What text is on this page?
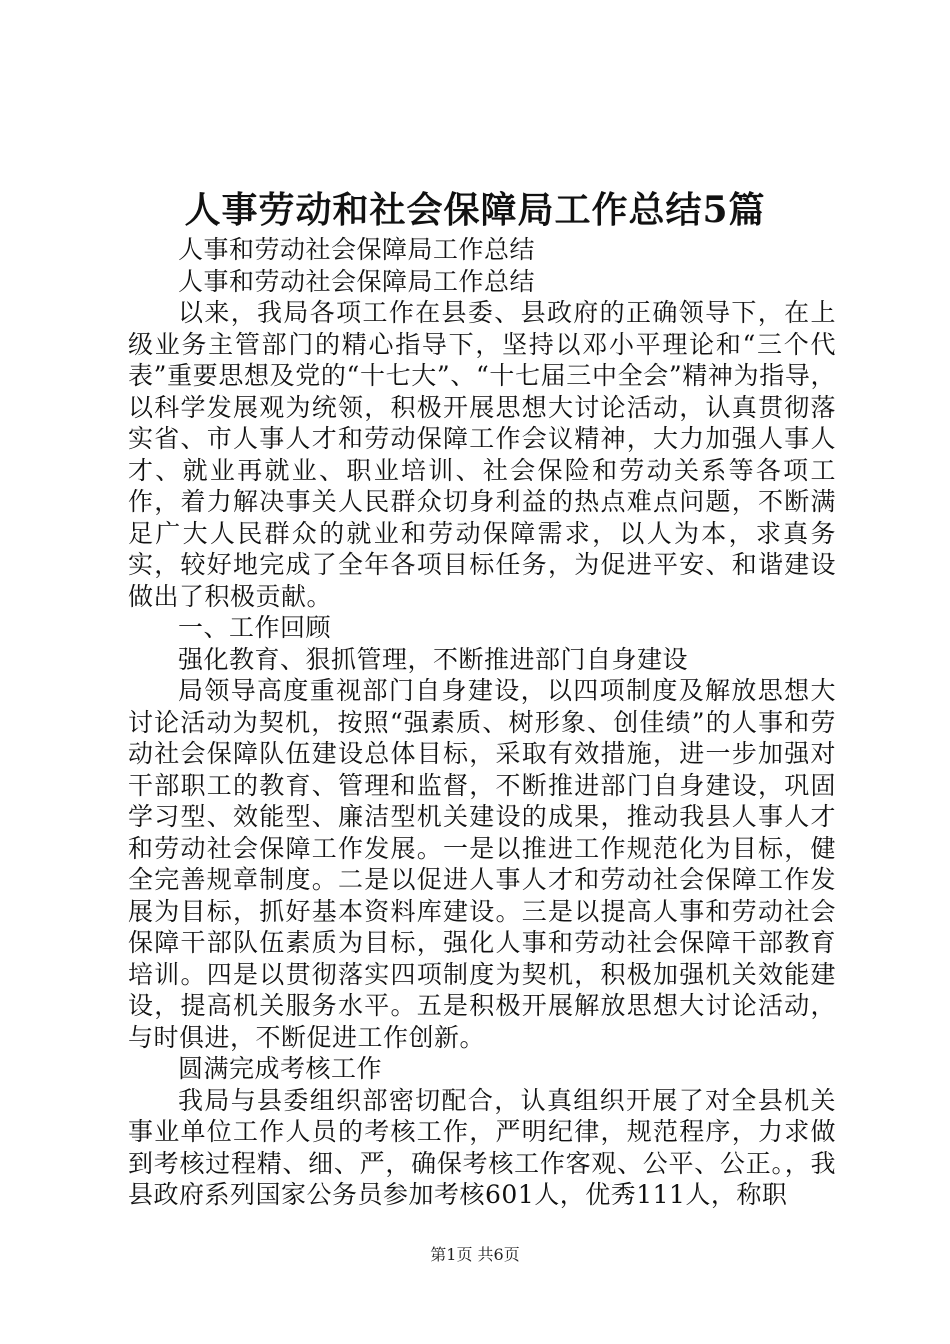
人事劳动和社会保障局工作总结5篇

人事和劳动社会保障局工作总结

人事和劳动社会保障局工作总结

以来，我局各项工作在县委、县政府的正确领导下，在上级业务主管部门的精心指导下，坚持以邓小平理论和“三个代表”重要思想及党的“十七大”、“十七届三中全会”精神为指导，以科学发展观为统领，积极开展思想大讨论活动，认真贯彻落实省、市人事人才和劳动保障工作会议精神，大力加强人事人才、就业再就业、职业培训、社会保险和劳动关系等各项工作，着力解决事关人民群众切身利益的热点难点问题，不断满足广大人民群众的就业和劳动保障需求，以人为本，求真务实，较好地完成了全年各项目标任务，为促进平安、和谐建设做出了积极贡献。

一、工作回顾

强化教育、狠抓管理，不断推进部门自身建设

局领导高度重视部门自身建设，以四项制度及解放思想大讨论活动为契机，按照“强素质、树形象、创佳绩”的人事和劳动社会保障队伍建设总体目标，采取有效措施，进一步加强对干部职工的教育、管理和监督，不断推进部门自身建设，巩固学习型、效能型、廉洁型机关建设的成果，推动我县人事人才和劳动社会保障工作发展。一是以推进工作规范化为目标，健全完善规章制度。二是以促进人事人才和劳动社会保障工作发展为目标，抓好基本资料库建设。三是以提高人事和劳动社会保障干部队伍素质为目标，强化人事和劳动社会保障干部教育培训。四是以贯彻落实四项制度为契机，积极加强机关效能建设，提高机关服务水平。五是积极开展解放思想大讨论活动，与时俱进，不断促进工作创新。

圆满完成考核工作

我局与县委组织部密切配合，认真组织开展了对全县机关事业单位工作人员的考核工作，严明纪律，规范程序，力求做到考核过程精、细、严，确保考核工作客观、公平、公正。，我县政府系列国家公务员参加考核601人，优秀111人，称职

第1页 共6页
